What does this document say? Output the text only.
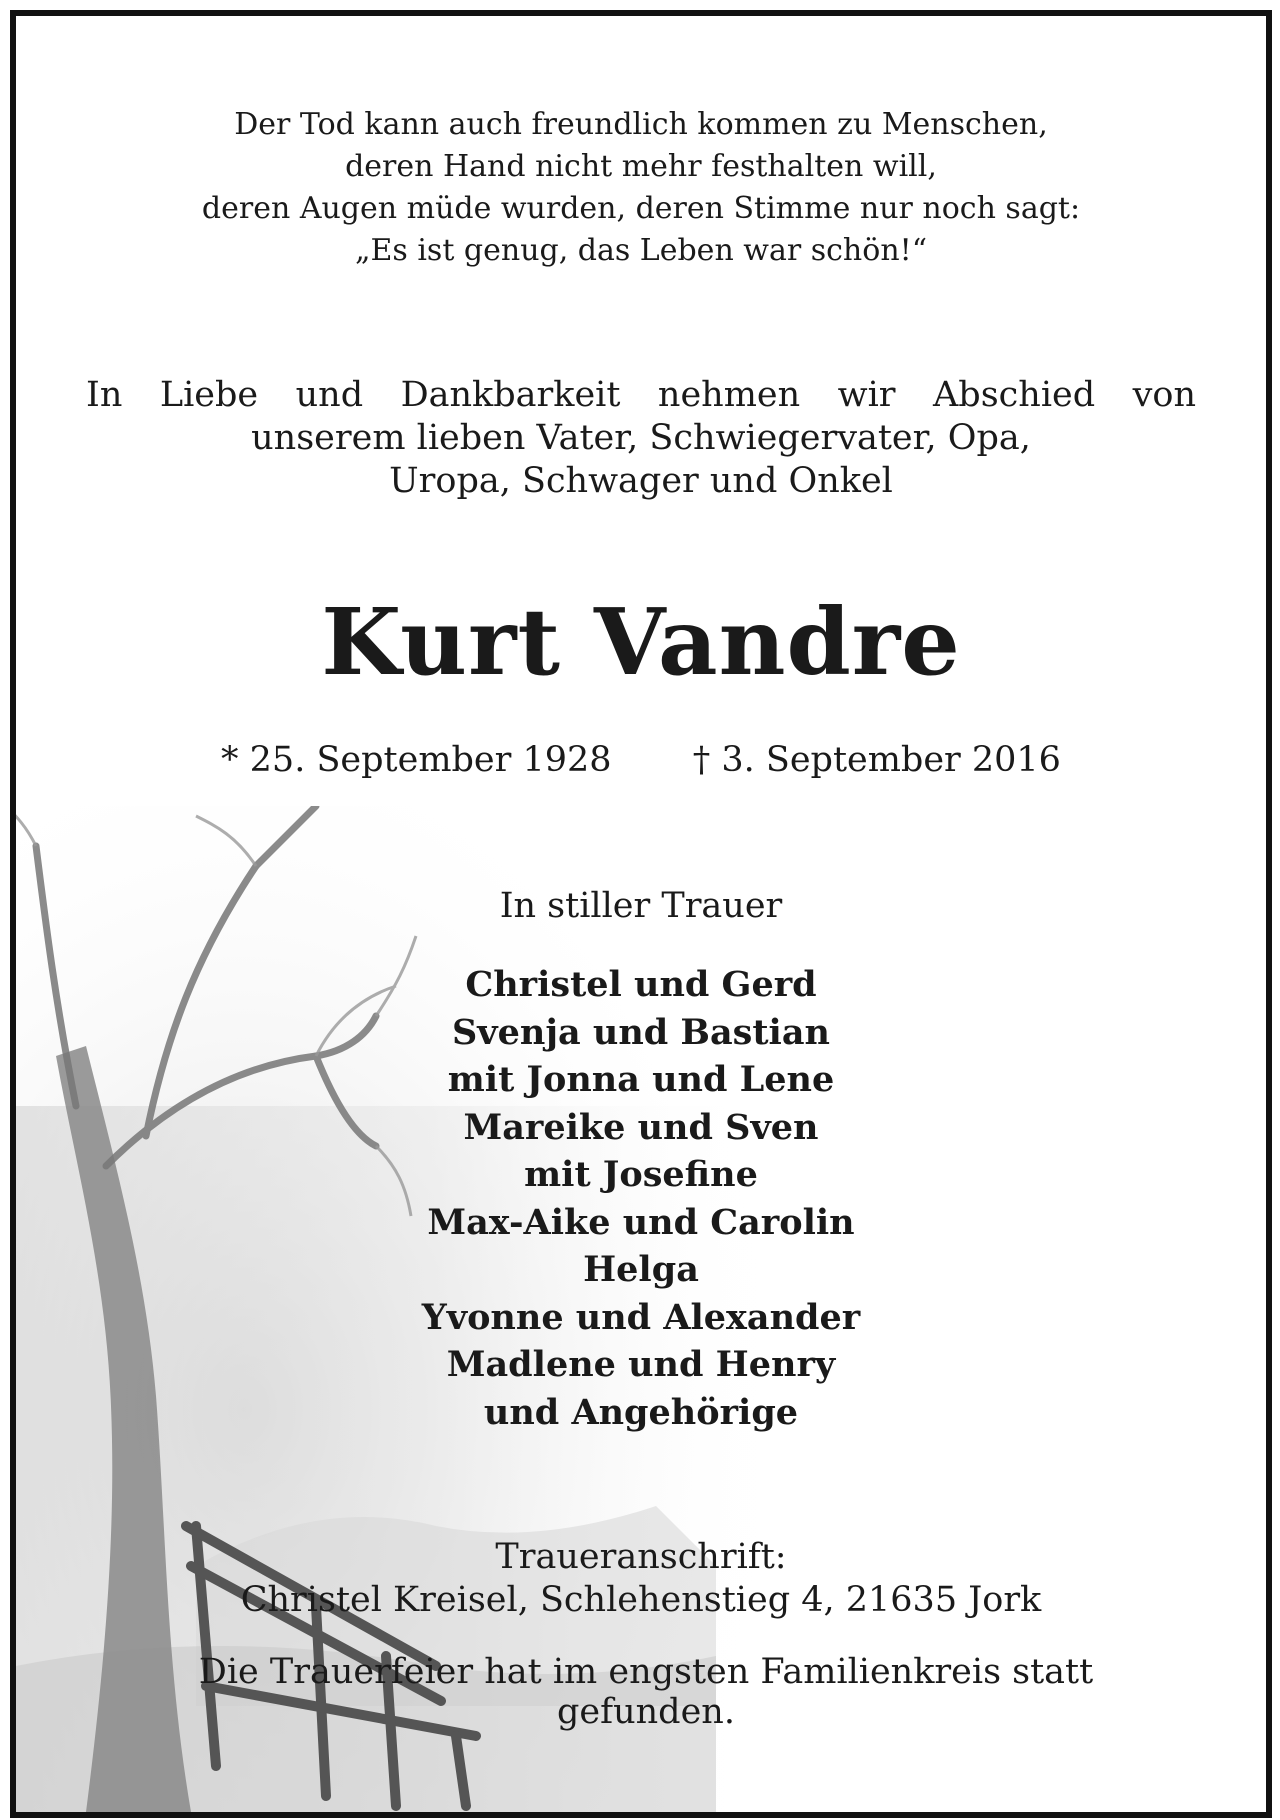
Der Tod kann auch freundlich kommen zu Menschen,
deren Hand nicht mehr festhalten will,
deren Augen müde wurden, deren Stimme nur noch sagt:
„Es ist genug, das Leben war schön!“
In Liebe und Dankbarkeit nehmen wir Abschied von
unserem lieben Vater, Schwiegervater, Opa,
Uropa, Schwager und Onkel
Kurt Vandre
* 25. September 1928 † 3. September 2016
In stiller Trauer
Christel und Gerd
Svenja und Bastian
mit Jonna und Lene
Mareike und Sven
mit Josefine
Max-Aike und Carolin
Helga
Yvonne und Alexander
Madlene und Henry
und Angehörige
Traueranschrift:
Christel Kreisel, Schlehenstieg 4, 21635 Jork
Die Trauerfeier hat im engsten Familienkreis statt gefunden.
